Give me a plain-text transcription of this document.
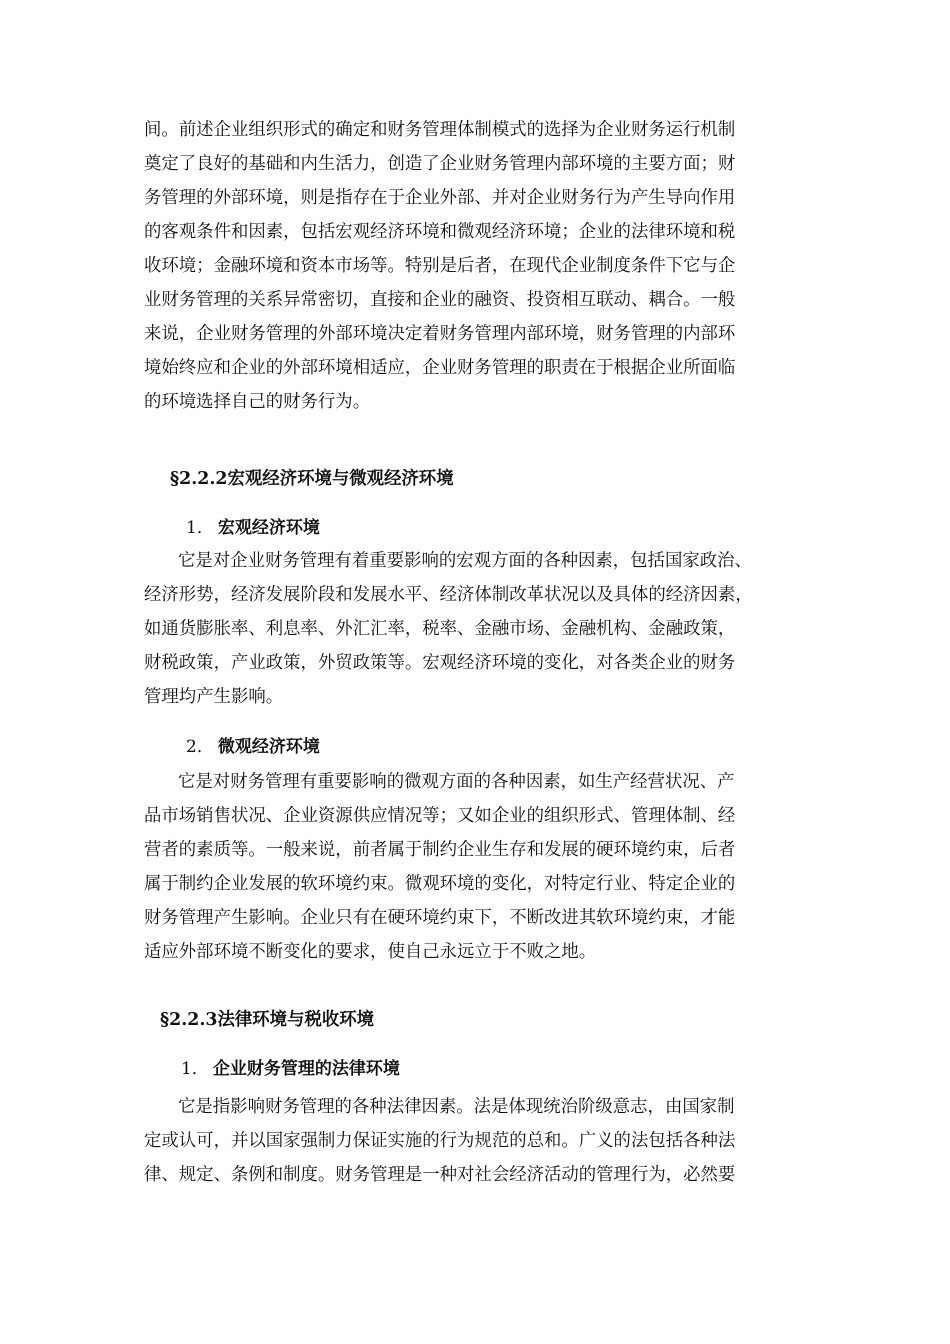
间。前述企业组织形式的确定和财务管理体制模式的选择为企业财务运行机制
奠定了良好的基础和内生活力，创造了企业财务管理内部环境的主要方面；财
务管理的外部环境，则是指存在于企业外部、并对企业财务行为产生导向作用
的客观条件和因素，包括宏观经济环境和微观经济环境；企业的法律环境和税
收环境；金融环境和资本市场等。特别是后者，在现代企业制度条件下它与企
业财务管理的关系异常密切，直接和企业的融资、投资相互联动、耦合。一般
来说，企业财务管理的外部环境决定着财务管理内部环境，财务管理的内部环
境始终应和企业的外部环境相适应，企业财务管理的职责在于根据企业所面临
的环境选择自己的财务行为。
§2.2.2宏观经济环境与微观经济环境
1． 宏观经济环境
它是对企业财务管理有着重要影响的宏观方面的各种因素，包括国家政治、
经济形势，经济发展阶段和发展水平、经济体制改革状况以及具体的经济因素，
如通货膨胀率、利息率、外汇汇率，税率、金融市场、金融机构、金融政策，
财税政策，产业政策，外贸政策等。宏观经济环境的变化，对各类企业的财务
管理均产生影响。
2． 微观经济环境
它是对财务管理有重要影响的微观方面的各种因素，如生产经营状况、产
品市场销售状况、企业资源供应情况等；又如企业的组织形式、管理体制、经
营者的素质等。一般来说，前者属于制约企业生存和发展的硬环境约束，后者
属于制约企业发展的软环境约束。微观环境的变化，对特定行业、特定企业的
财务管理产生影响。企业只有在硬环境约束下，不断改进其软环境约束，才能
适应外部环境不断变化的要求，使自己永远立于不败之地。
§2.2.3法律环境与税收环境
1． 企业财务管理的法律环境
它是指影响财务管理的各种法律因素。法是体现统治阶级意志，由国家制
定或认可，并以国家强制力保证实施的行为规范的总和。广义的法包括各种法
律、规定、条例和制度。财务管理是一种对社会经济活动的管理行为，必然要
